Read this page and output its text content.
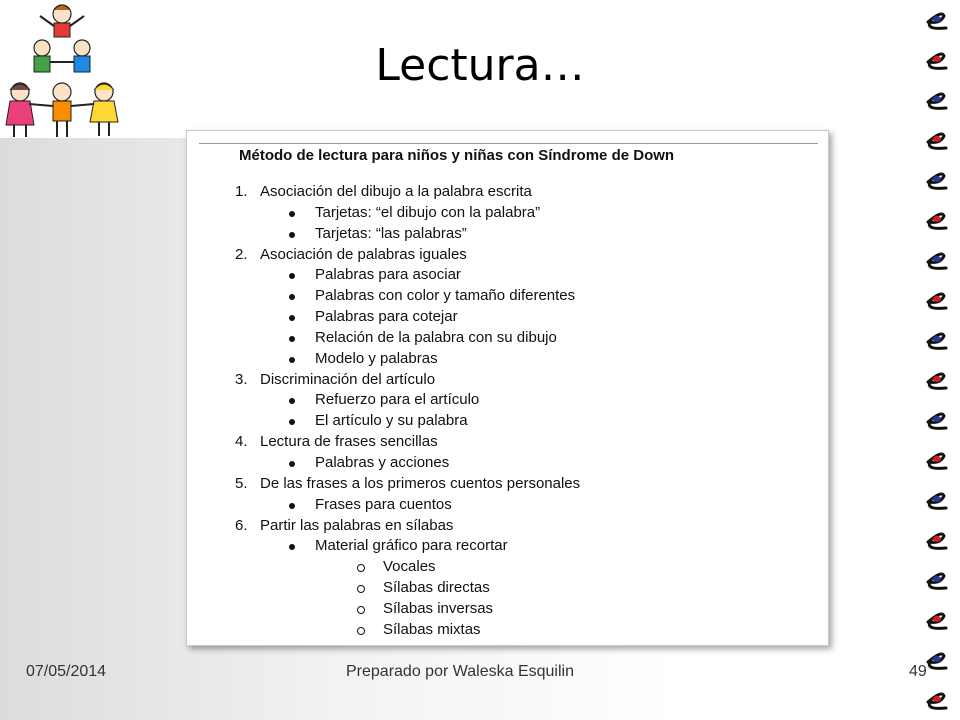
Lectura…
Método de lectura para niños y niñas con Síndrome de Down
1. Asociación del dibujo a la palabra escrita
Tarjetas: “el dibujo con la palabra”
Tarjetas: “las palabras”
2. Asociación de palabras iguales
Palabras para asociar
Palabras con color y tamaño diferentes
Palabras para cotejar
Relación de la palabra con su dibujo
Modelo y palabras
3. Discriminación del artículo
Refuerzo para el artículo
El artículo y su palabra
4. Lectura de frases sencillas
Palabras y acciones
5. De las frases a los primeros cuentos personales
Frases para cuentos
6. Partir las palabras en sílabas
Material gráfico para recortar
Vocales
Sílabas directas
Sílabas inversas
Sílabas mixtas
07/05/2014	Preparado por Waleska Esquilin	49
